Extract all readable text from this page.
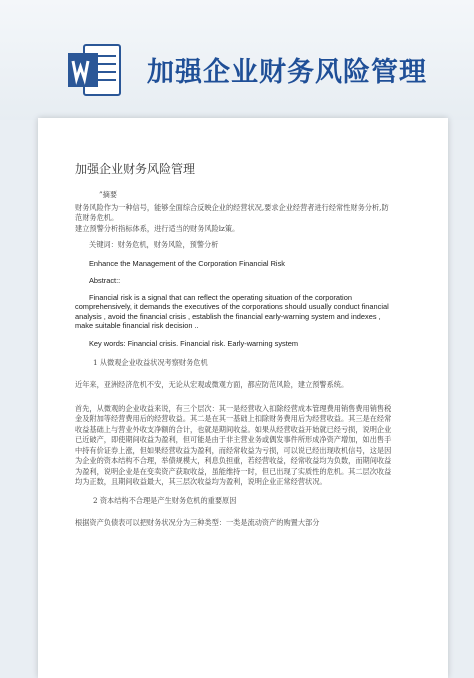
加强企业财务风险管理
加强企业财务风险管理

”摘要

财务风险作为一种信号，能够全面综合反映企业的经营状况,要求企业经营者进行经常性财务分析,防范财务危机。

建立预警分析指标体系，进行适当的财务风险lz策。

关键词：财务危机，财务风险，预警分析

Enhance the Management of the Corporation Financial Risk

Abstract::

Financial risk is a signal that can reflect the operating situation of the corporation comprehensively, it demands the executives of the corporations should usually conduct financial analysis , avoid the financial crisis , establish the financial early-warning system and indexes , make suitable financial risk decision ..

Key words: Financial crisis. Financial risk. Early-warning system

1 从微观企业收益状况考察财务危机

近年来，亚洲经济危机不安，无论从宏观或微观方面，都应防范风险，建立预警系统。

首先，从微观的企业收益来说，有三个层次：其一是经营收入扣除经营成本管理费用销售费用销售税金及附加等经营费用后的经营收益。其二是在其一基础上扣除财务费用后为经营收益。其三是在经常收益基础上与营业外收支净额的合计，也就是期间收益。如果从经营收益开始就已经亏损，说明企业已近破产，即使期间收益为盈利，但可能是由于非主营业务或偶发事件所形成净资产增加，如出售手中持有价证券上涨，但如果经营收益为盈利，而经常收益为亏损，可以说已经出现收机信号，这是因为企业的资本结构不合理，举债规模大，利息负担重，若经营收益，经常收益均为负数，而期间收益为盈利，说明企业是在变卖资产获取收益，虽能维持一时，但已出现了实质性的危机。其二层次收益均为正数，且期间收益最大，其三层次收益均为盈利，说明企业正常经营状况。

2 资本结构不合理是产生财务危机的重要原因

根据资产负债表可以把财务状况分为三种类型：一类是流动资产的购置大部分
